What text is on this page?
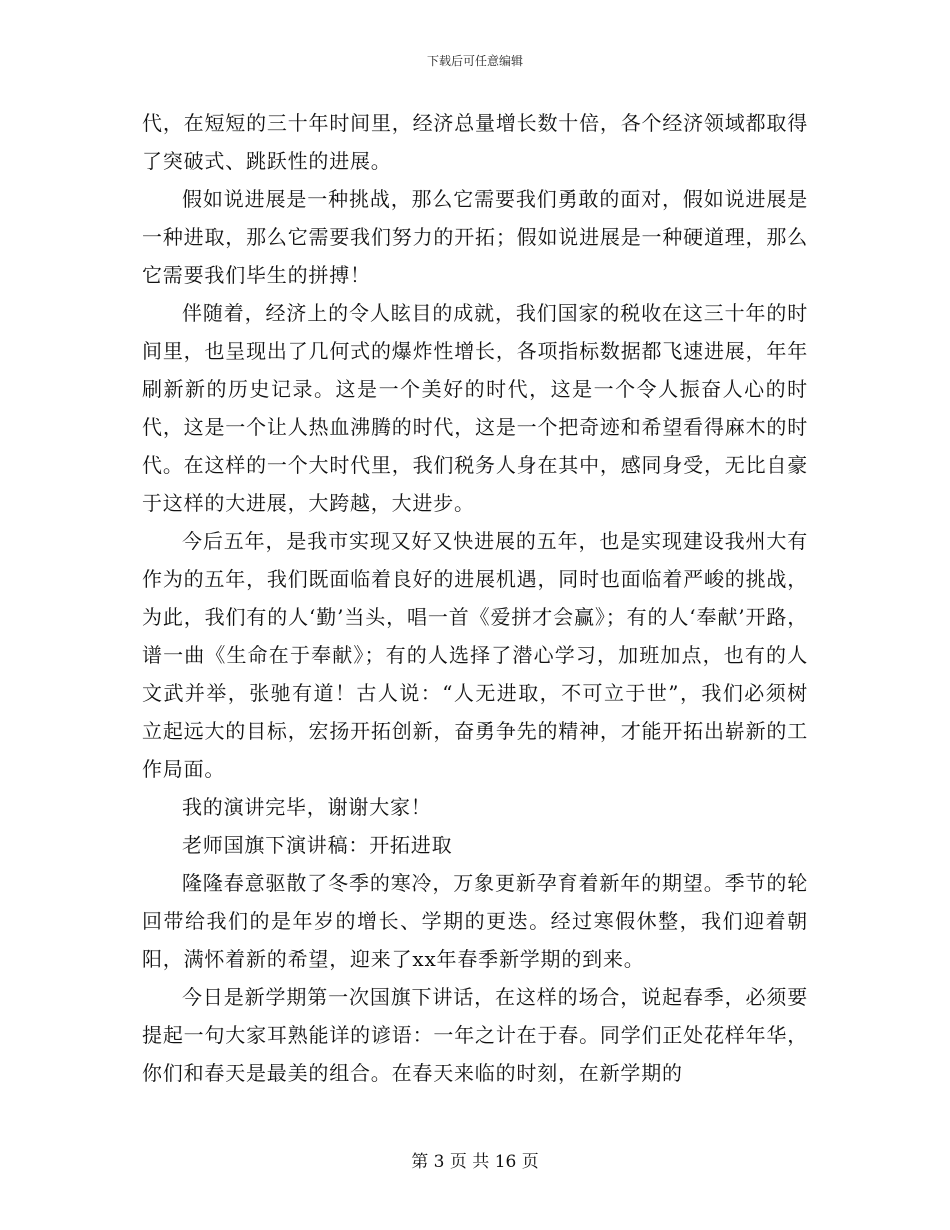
下载后可任意编辑

代，在短短的三十年时间里，经济总量增长数十倍，各个经济领域都取得了突破式、跳跃性的进展。

假如说进展是一种挑战，那么它需要我们勇敢的面对，假如说进展是一种进取，那么它需要我们努力的开拓；假如说进展是一种硬道理，那么它需要我们毕生的拼搏！

伴随着，经济上的令人眩目的成就，我们国家的税收在这三十年的时间里，也呈现出了几何式的爆炸性增长，各项指标数据都飞速进展，年年刷新新的历史记录。这是一个美好的时代，这是一个令人振奋人心的时代，这是一个让人热血沸腾的时代，这是一个把奇迹和希望看得麻木的时代。在这样的一个大时代里，我们税务人身在其中，感同身受，无比自豪于这样的大进展，大跨越，大进步。

今后五年，是我市实现又好又快进展的五年，也是实现建设我州大有作为的五年，我们既面临着良好的进展机遇，同时也面临着严峻的挑战，为此，我们有的人‘勤’当头，唱一首《爱拼才会赢》；有的人‘奉献’开路，谱一曲《生命在于奉献》；有的人选择了潜心学习，加班加点，也有的人文武并举，张驰有道！古人说：“人无进取，不可立于世”，我们必须树立起远大的目标，宏扬开拓创新，奋勇争先的精神，才能开拓出崭新的工作局面。

我的演讲完毕，谢谢大家！

老师国旗下演讲稿：开拓进取

隆隆春意驱散了冬季的寒冷，万象更新孕育着新年的期望。季节的轮回带给我们的是年岁的增长、学期的更迭。经过寒假休整，我们迎着朝阳，满怀着新的希望，迎来了xx年春季新学期的到来。

今日是新学期第一次国旗下讲话，在这样的场合，说起春季，必须要提起一句大家耳熟能详的谚语：一年之计在于春。同学们正处花样年华，你们和春天是最美的组合。在春天来临的时刻，在新学期的

第 3 页 共 16 页
